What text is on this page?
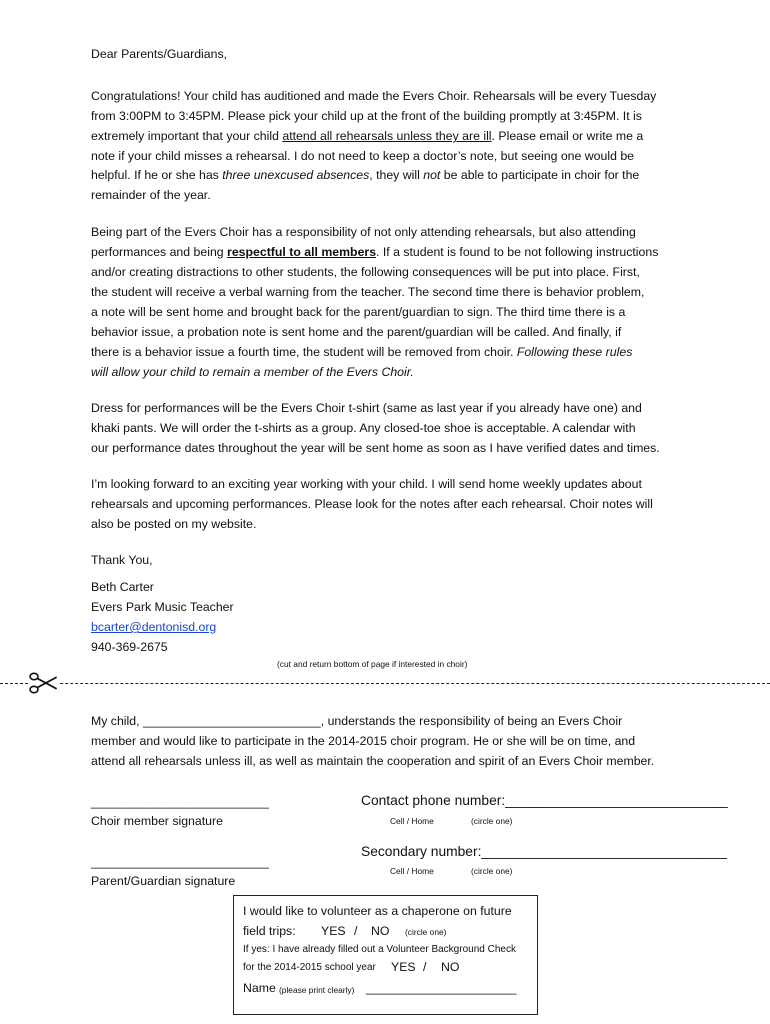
Dear Parents/Guardians,
Congratulations! Your child has auditioned and made the Evers Choir. Rehearsals will be every Tuesday
from 3:00PM to 3:45PM. Please pick your child up at the front of the building promptly at 3:45PM. It is
extremely important that your child attend all rehearsals unless they are ill. Please email or write me a
note if your child misses a rehearsal. I do not need to keep a doctor’s note, but seeing one would be
helpful. If he or she has three unexcused absences, they will not be able to participate in choir for the
remainder of the year.
Being part of the Evers Choir has a responsibility of not only attending rehearsals, but also attending
performances and being respectful to all members. If a student is found to be not following instructions
and/or creating distractions to other students, the following consequences will be put into place. First,
the student will receive a verbal warning from the teacher. The second time there is behavior problem,
a note will be sent home and brought back for the parent/guardian to sign. The third time there is a
behavior issue, a probation note is sent home and the parent/guardian will be called. And finally, if
there is a behavior issue a fourth time, the student will be removed from choir. Following these rules
will allow your child to remain a member of the Evers Choir.
Dress for performances will be the Evers Choir t-shirt (same as last year if you already have one) and
khaki pants. We will order the t-shirts as a group. Any closed-toe shoe is acceptable. A calendar with
our performance dates throughout the year will be sent home as soon as I have verified dates and times.
I’m looking forward to an exciting year working with your child. I will send home weekly updates about
rehearsals and upcoming performances. Please look for the notes after each rehearsal. Choir notes will
also be posted on my website.
Thank You,
Beth Carter
Evers Park Music Teacher
bcarter@dentonisd.org
940-369-2675
(cut and return bottom of page if interested in choir)
My child, __________________________, understands the responsibility of being an Evers Choir
member and would like to participate in the 2014-2015 choir program. He or she will be on time, and
attend all rehearsals unless ill, as well as maintain the cooperation and spirit of an Evers Choir member.
__________________________
Choir member signature
Contact phone number:_____________________________
Cell / Home	(circle one)
__________________________
Parent/Guardian signature
Secondary number:________________________________
Cell / Home	(circle one)
I would like to volunteer as a chaperone on future
field trips: YES / NO (circle one)
If yes: I have already filled out a Volunteer Background Check
for the 2014-2015 school year YES / NO
Name (please print clearly) ______________________
